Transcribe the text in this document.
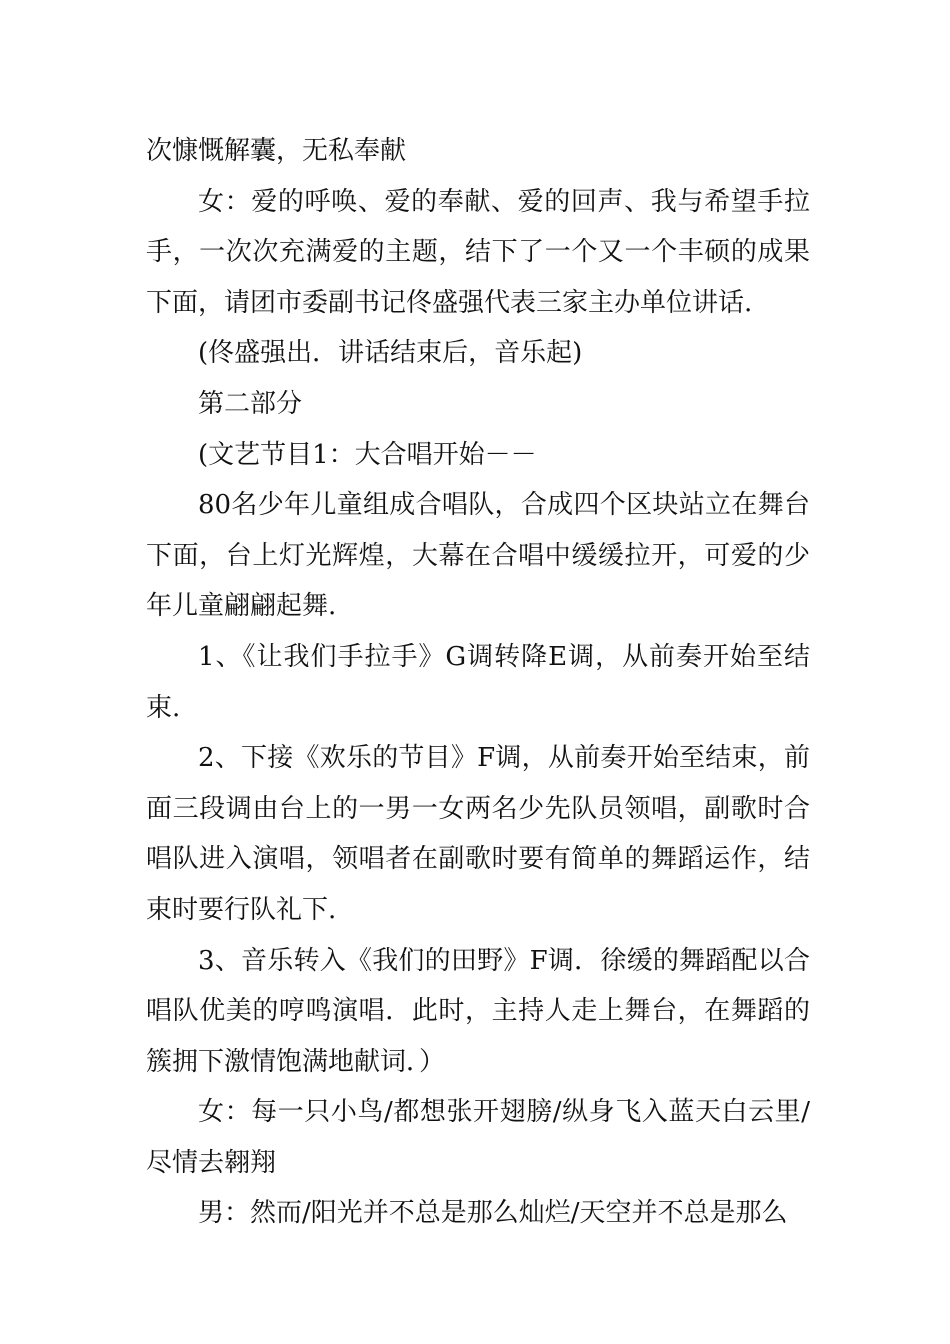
次慷慨解囊，无私奉献

女：爱的呼唤、爱的奉献、爱的回声、我与希望手拉手，一次次充满爱的主题，结下了一个又一个丰硕的成果下面，请团市委副书记佟盛强代表三家主办单位讲话.

(佟盛强出．讲话结束后，音乐起)

第二部分

(文艺节目1：大合唱开始－－

80名少年儿童组成合唱队，合成四个区块站立在舞台下面，台上灯光辉煌，大幕在合唱中缓缓拉开，可爱的少年儿童翩翩起舞.

1、《让我们手拉手》G调转降E调，从前奏开始至结束.

2、下接《欢乐的节目》F调，从前奏开始至结束，前面三段调由台上的一男一女两名少先队员领唱，副歌时合唱队进入演唱，领唱者在副歌时要有简单的舞蹈运作，结束时要行队礼下.

3、音乐转入《我们的田野》F调．徐缓的舞蹈配以合唱队优美的哼鸣演唱．此时，主持人走上舞台，在舞蹈的簇拥下激情饱满地献词．）

女：每一只小鸟/都想张开翅膀/纵身飞入蓝天白云里/尽情去翱翔

男：然而/阳光并不总是那么灿烂/天空并不总是那么
